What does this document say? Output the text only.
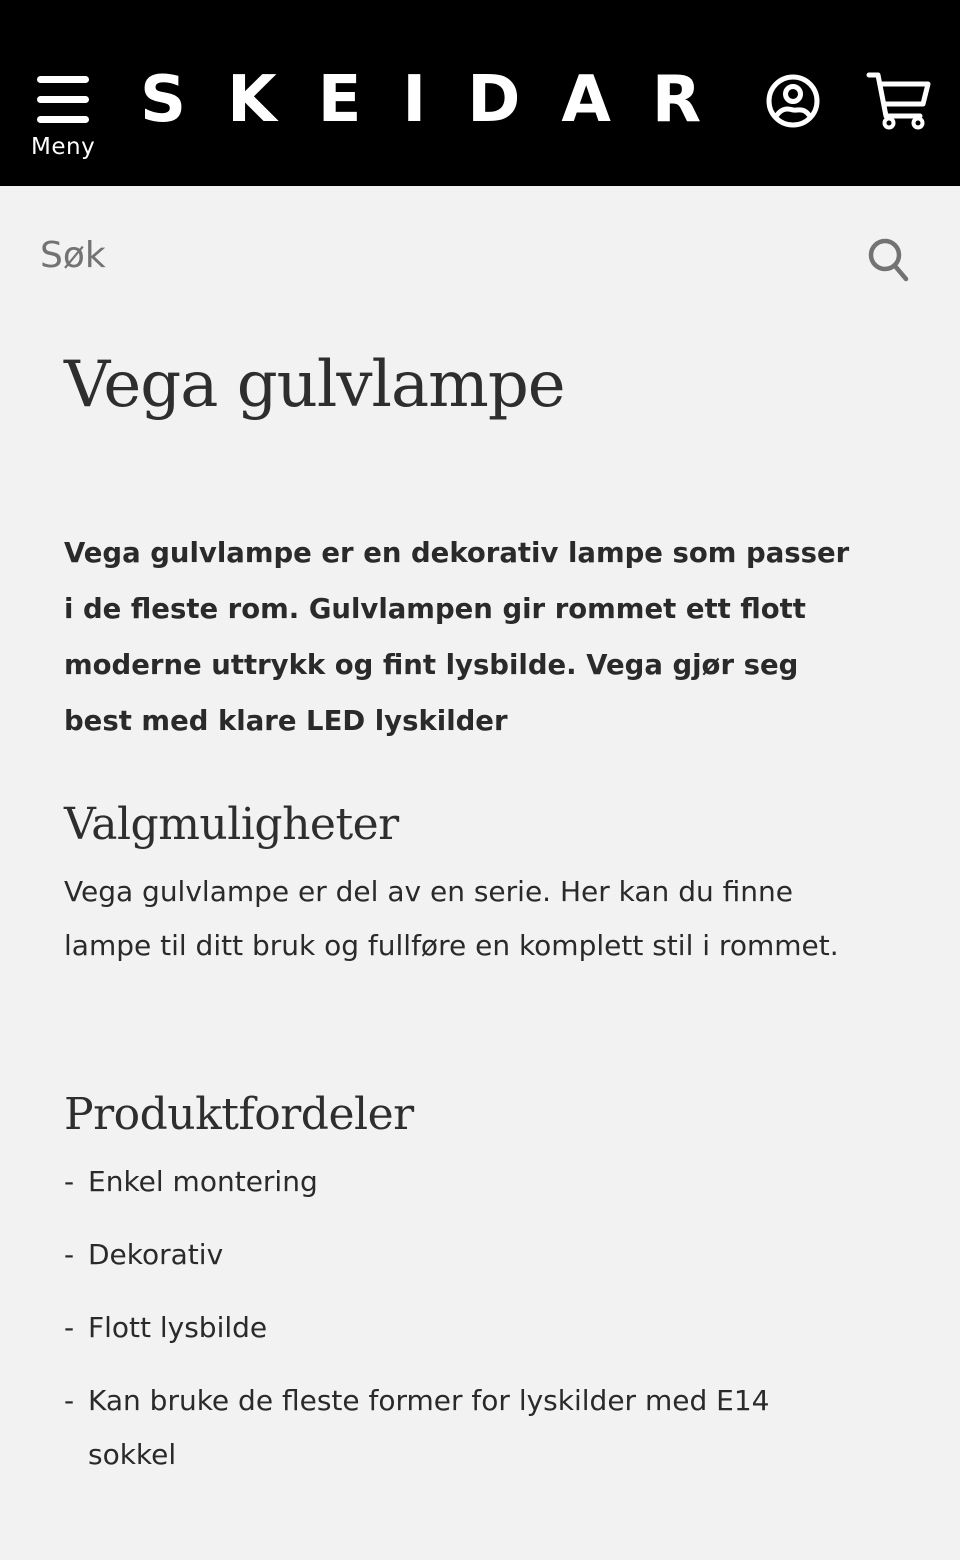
Meny
SKEIDAR
Søk
Vega gulvlampe

Vega gulvlampe er en dekorativ lampe som passer i de fleste rom. Gulvlampen gir rommet ett flott moderne uttrykk og fint lysbilde. Vega gjør seg best med klare LED lyskilder

Valgmuligheter

Vega gulvlampe er del av en serie. Her kan du finne lampe til ditt bruk og fullføre en komplett stil i rommet.

Produktfordeler
- Enkel montering
- Dekorativ
- Flott lysbilde
- Kan bruke de fleste former for lyskilder med E14 sokkel
